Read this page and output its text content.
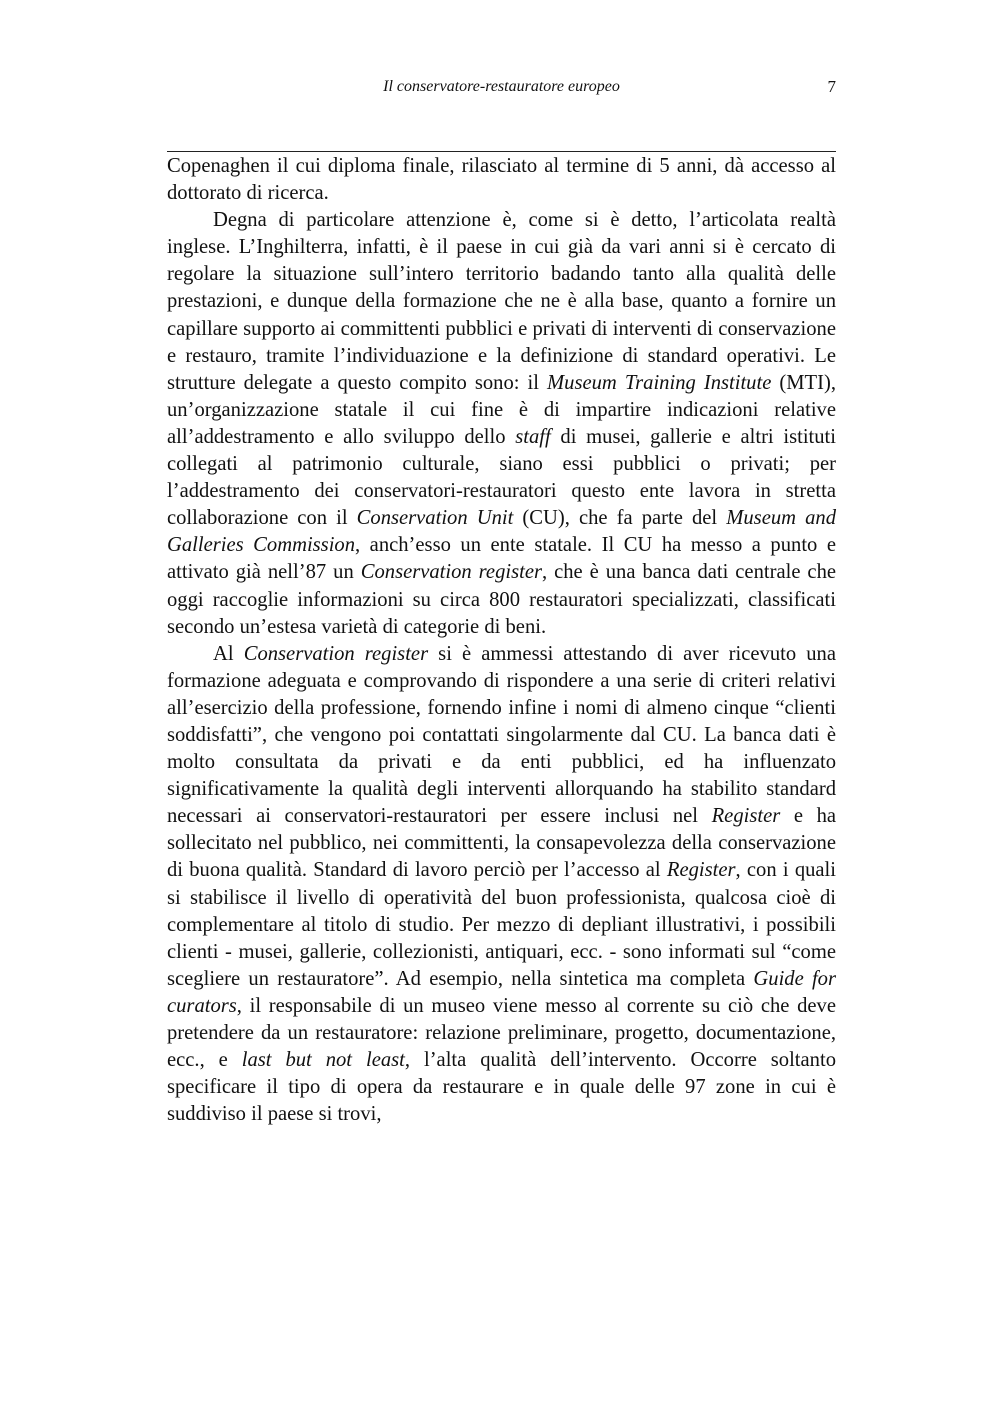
Il conservatore-restauratore europeo	7

Copenaghen il cui diploma finale, rilasciato al termine di 5 anni, dà accesso al dottorato di ricerca.

Degna di particolare attenzione è, come si è detto, l’articolata realtà inglese. L’Inghilterra, infatti, è il paese in cui già da vari anni si è cercato di regolare la situazione sull’intero territorio badando tanto alla qualità delle prestazioni, e dunque della formazione che ne è alla base, quanto a fornire un capillare supporto ai committenti pubblici e privati di interventi di conservazione e restauro, tramite l’individuazione e la definizione di standard operativi. Le strutture delegate a questo compito sono: il Museum Training Institute (MTI), un’organizzazione statale il cui fine è di impartire indicazioni relative all’addestramento e allo sviluppo dello staff di musei, gallerie e altri istituti collegati al patrimonio culturale, siano essi pubblici o privati; per l’addestramento dei conservatori-restauratori questo ente lavora in stretta collaborazione con il Conservation Unit (CU), che fa parte del Museum and Galleries Commission, anch’esso un ente statale. Il CU ha messo a punto e attivato già nell’87 un Conservation register, che è una banca dati centrale che oggi raccoglie informazioni su circa 800 restauratori specializzati, classificati secondo un’estesa varietà di categorie di beni.

Al Conservation register si è ammessi attestando di aver ricevuto una formazione adeguata e comprovando di rispondere a una serie di criteri relativi all’esercizio della professione, fornendo infine i nomi di almeno cinque “clienti soddisfatti”, che vengono poi contattati singolarmente dal CU. La banca dati è molto consultata da privati e da enti pubblici, ed ha influenzato significativamente la qualità degli interventi allorquando ha stabilito standard necessari ai conservatori-restauratori per essere inclusi nel Register e ha sollecitato nel pubblico, nei committenti, la consapevolezza della conservazione di buona qualità. Standard di lavoro perciò per l’accesso al Register, con i quali si stabilisce il livello di operatività del buon professionista, qualcosa cioè di complementare al titolo di studio. Per mezzo di depliant illustrativi, i possibili clienti - musei, gallerie, collezionisti, antiquari, ecc. - sono informati sul “come scegliere un restauratore”. Ad esempio, nella sintetica ma completa Guide for curators, il responsabile di un museo viene messo al corrente su ciò che deve pretendere da un restauratore: relazione preliminare, progetto, documentazione, ecc., e last but not least, l’alta qualità dell’intervento. Occorre soltanto specificare il tipo di opera da restaurare e in quale delle 97 zone in cui è suddiviso il paese si trovi,
